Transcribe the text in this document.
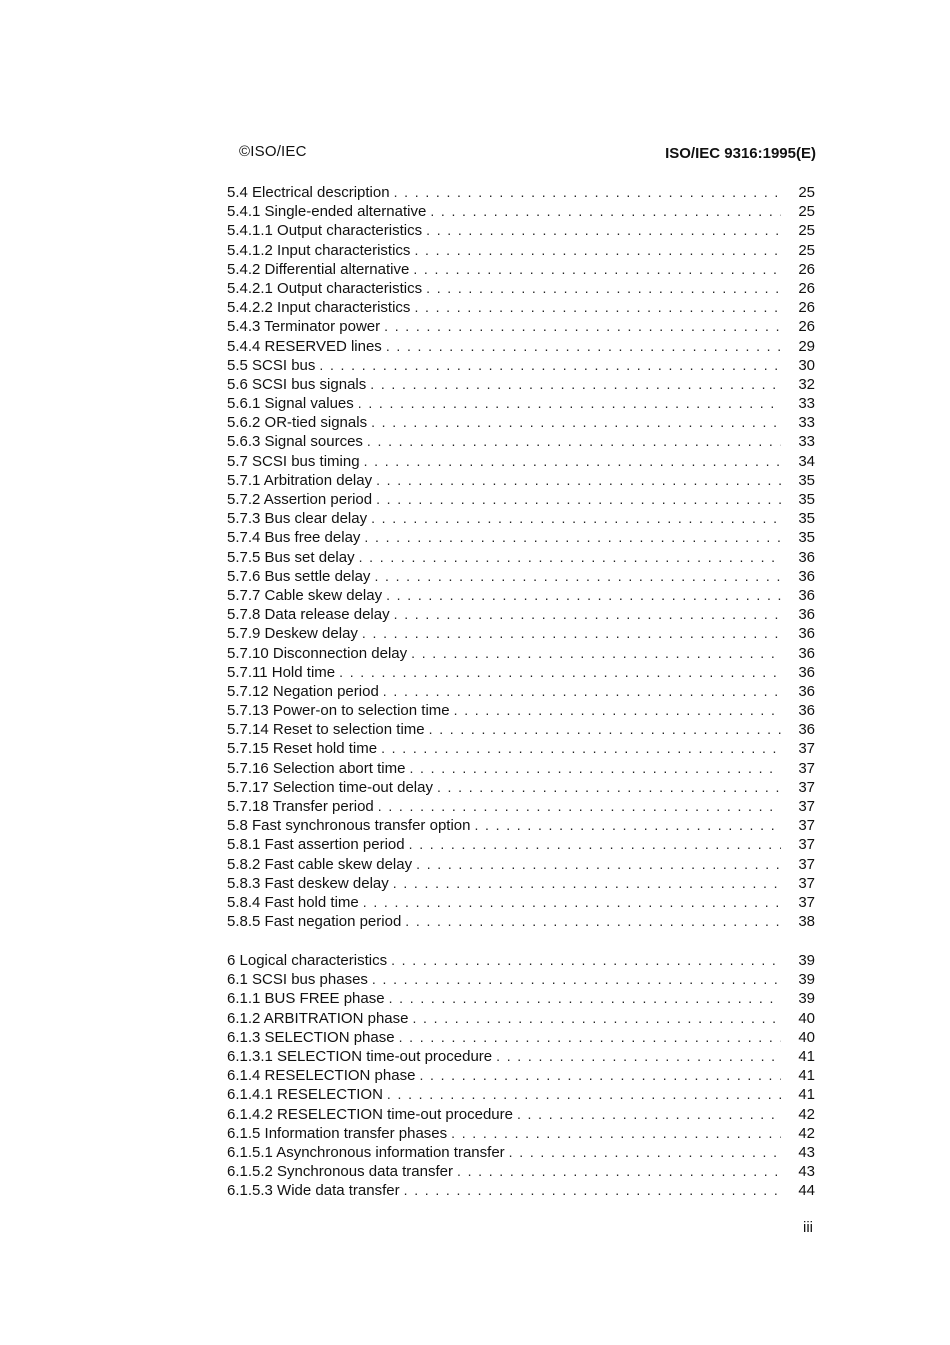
©ISO/IEC	ISO/IEC 9316:1995(E)
5.4 Electrical description . . .	25
5.4.1 Single-ended alternative . . .	25
5.4.1.1 Output characteristics . . .	25
5.4.1.2 Input characteristics . . .	25
5.4.2 Differential alternative . . .	26
5.4.2.1 Output characteristics . . .	26
5.4.2.2 Input characteristics . . .	26
5.4.3 Terminator power . . .	26
5.4.4 RESERVED lines . . .	29
5.5 SCSI bus . . .	30
5.6 SCSI bus signals . . .	32
5.6.1 Signal values . . .	33
5.6.2 OR-tied signals . . .	33
5.6.3 Signal sources . . .	33
5.7 SCSI bus timing . . .	34
5.7.1 Arbitration delay . . .	35
5.7.2 Assertion period . . .	35
5.7.3 Bus clear delay . . .	35
5.7.4 Bus free delay . . .	35
5.7.5 Bus set delay . . .	36
5.7.6 Bus settle delay . . .	36
5.7.7 Cable skew delay . . .	36
5.7.8 Data release delay . . .	36
5.7.9 Deskew delay . . .	36
5.7.10 Disconnection delay . . .	36
5.7.11 Hold time . . .	36
5.7.12 Negation period . . .	36
5.7.13 Power-on to selection time . . .	36
5.7.14 Reset to selection time . . .	36
5.7.15 Reset hold time . . .	37
5.7.16 Selection abort time . . .	37
5.7.17 Selection time-out delay . . .	37
5.7.18 Transfer period . . .	37
5.8 Fast synchronous transfer option . . .	37
5.8.1 Fast assertion period . . .	37
5.8.2 Fast cable skew delay . . .	37
5.8.3 Fast deskew delay . . .	37
5.8.4 Fast hold time . . .	37
5.8.5 Fast negation period . . .	38
6 Logical characteristics . . .	39
6.1 SCSI bus phases . . .	39
6.1.1 BUS FREE phase . . .	39
6.1.2 ARBITRATION phase . . .	40
6.1.3 SELECTION phase . . .	40
6.1.3.1 SELECTION time-out procedure . . .	41
6.1.4 RESELECTION phase . . .	41
6.1.4.1 RESELECTION . . .	41
6.1.4.2 RESELECTION time-out procedure . . .	42
6.1.5 Information transfer phases . . .	42
6.1.5.1 Asynchronous information transfer . . .	43
6.1.5.2 Synchronous data transfer . . .	43
6.1.5.3 Wide data transfer . . .	44
iii
